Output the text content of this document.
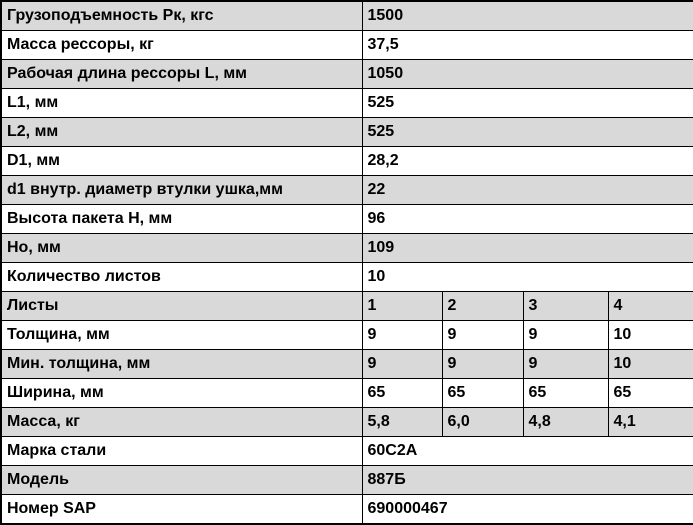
Грузоподъемность Рк, кгс	1500			
Масса рессоры, кг	37,5			
Рабочая длина рессоры L, мм	1050			
L1, мм	525			
L2, мм	525			
D1, мм	28,2			
d1 внутр. диаметр втулки ушка,мм	22			
Высота пакета Н, мм	96			
Но, мм	109			
Количество листов	10			
Листы	1	2	3	4
Толщина, мм	9	9	9	10
Мин. толщина, мм	9	9	9	10
Ширина, мм	65	65	65	65
Масса, кг	5,8	6,0	4,8	4,1
Марка стали	60С2А			
Модель	887Б			
Номер SAP	690000467			
